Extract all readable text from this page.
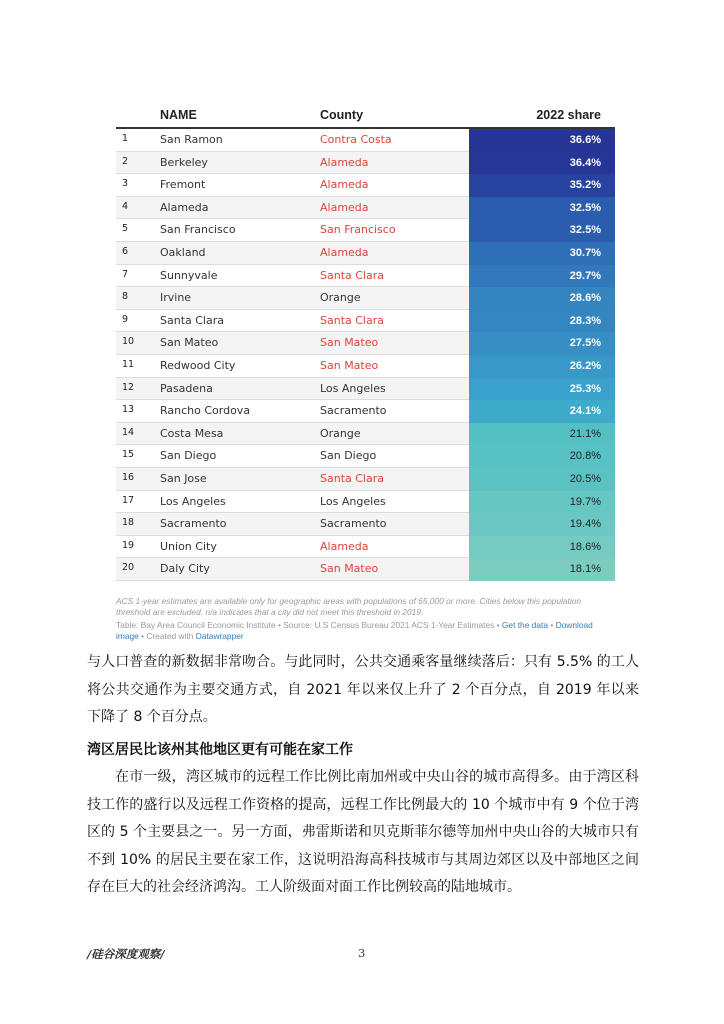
NAME	County	2022 share
1	San Ramon	Contra Costa	36.6%
2	Berkeley	Alameda	36.4%
3	Fremont	Alameda	35.2%
4	Alameda	Alameda	32.5%
5	San Francisco	San Francisco	32.5%
6	Oakland	Alameda	30.7%
7	Sunnyvale	Santa Clara	29.7%
8	Irvine	Orange	28.6%
9	Santa Clara	Santa Clara	28.3%
10 San Mateo	San Mateo	27.5%
11 Redwood City	San Mateo	26.2%
12 Pasadena	Los Angeles	25.3%
13 Rancho Cordova	Sacramento	24.1%
14 Costa Mesa	Orange	21.1%
15 San Diego	San Diego	20.8%
16 San Jose	Santa Clara	20.5%
17 Los Angeles	Los Angeles	19.7%
18 Sacramento	Sacramento	19.4%
19 Union City	Alameda	18.6%
20 Daly City	San Mateo	18.1%
ACS 1-year estimates are available only for geographic areas with populations of 65,000 or more. Cities below this population threshold are excluded. n/a indicates that a city did not meet this threshold in 2019.
Table: Bay Area Council Economic Institute • Source: U.S Census Bureau 2021 ACS 1-Year Estimates • Get the data • Download image • Created with Datawrapper
与人口普查的新数据非常吻合。与此同时，公共交通乘客量继续落后：只有 5.5% 的工人将公共交通作为主要交通方式，自 2021 年以来仅上升了 2 个百分点，自 2019 年以来下降了 8 个百分点。
湾区居民比该州其他地区更有可能在家工作
在市一级，湾区城市的远程工作比例比南加州或中央山谷的城市高得多。由于湾区科技工作的盛行以及远程工作资格的提高，远程工作比例最大的 10 个城市中有 9 个位于湾区的 5 个主要县之一。另一方面，弗雷斯诺和贝克斯菲尔德等加州中央山谷的大城市只有不到 10% 的居民主要在家工作，这说明沿海高科技城市与其周边郊区以及中部地区之间存在巨大的社会经济鸿沟。工人阶级面对面工作比例较高的陆地城市。
/硅谷深度观察/	3
